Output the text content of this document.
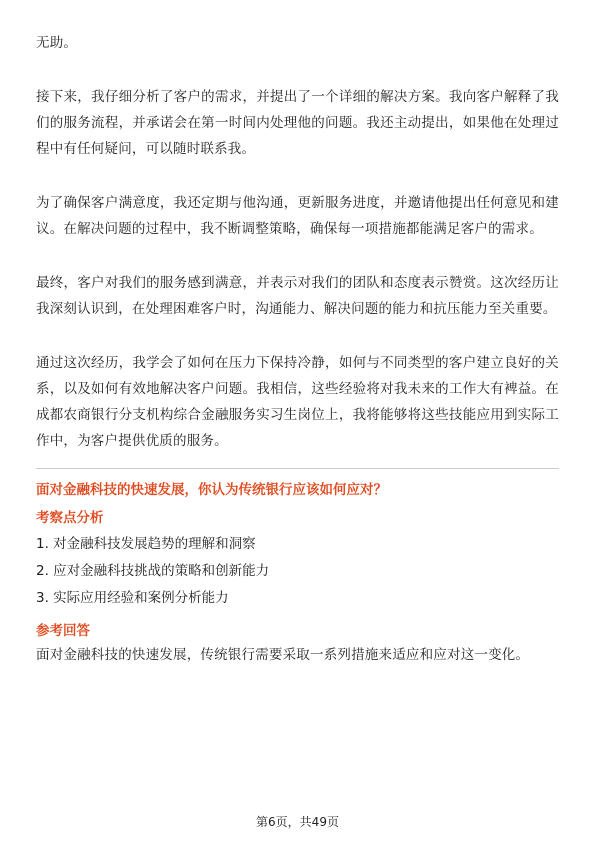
无助。

接下来，我仔细分析了客户的需求，并提出了一个详细的解决方案。我向客户解释了我们的服务流程，并承诺会在第一时间内处理他的问题。我还主动提出，如果他在处理过程中有任何疑问，可以随时联系我。

为了确保客户满意度，我还定期与他沟通，更新服务进度，并邀请他提出任何意见和建议。在解决问题的过程中，我不断调整策略，确保每一项措施都能满足客户的需求。

最终，客户对我们的服务感到满意，并表示对我们的团队和态度表示赞赏。这次经历让我深刻认识到，在处理困难客户时，沟通能力、解决问题的能力和抗压能力至关重要。

通过这次经历，我学会了如何在压力下保持冷静，如何与不同类型的客户建立良好的关系，以及如何有效地解决客户问题。我相信，这些经验将对我未来的工作大有裨益。在成都农商银行分支机构综合金融服务实习生岗位上，我将能够将这些技能应用到实际工作中，为客户提供优质的服务。

面对金融科技的快速发展，你认为传统银行应该如何应对？
考察点分析
1. 对金融科技发展趋势的理解和洞察
2. 应对金融科技挑战的策略和创新能力
3. 实际应用经验和案例分析能力
参考回答

面对金融科技的快速发展，传统银行需要采取一系列措施来适应和应对这一变化。

第6页，共49页
